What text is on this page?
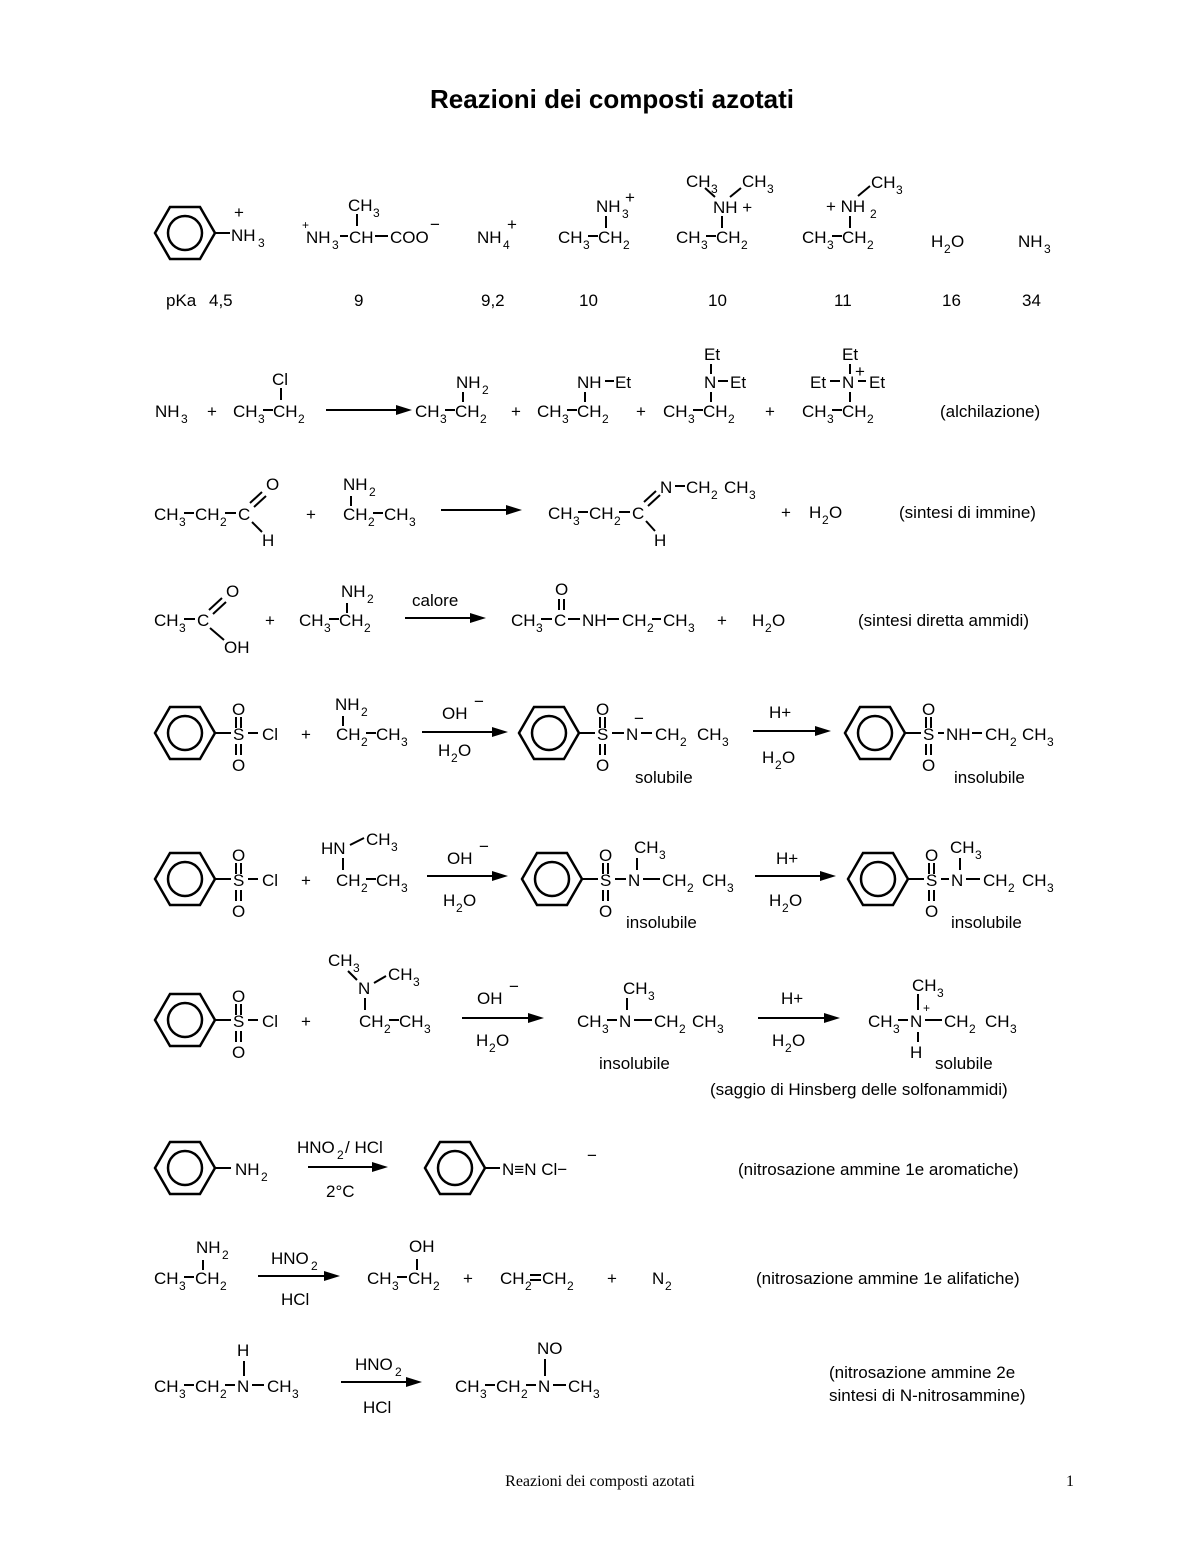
Reazioni dei composti azotati
NH 3
+
+
NH 3 CH COO
−
CH 3
NH 4
+
CH 3 CH 2
NH 3
+
CH 3 CH 2
NH +
CH 3 CH 3
CH 3 CH 2
+ NH 2
CH 3
H 2 O	NH 3
pKa 4,5	9	9,2	10	10	11	16	34
NH 3 + CH 3 CH 2
Cl
CH 3 CH 2
NH 2
+ CH 3 CH 2
NH Et
+ CH 3 CH 2
N Et
Et
+ CH 3 CH 2
Et N
+
Et
Et
(alchilazione)
CH 3 CH 2 C
O
H
+ CH 2 CH 3
NH 2
CH 3 CH 2 C
N CH 2 CH 3
H
+ H 2 O	(sintesi di immine)
CH 3 C
O
OH
+ CH 3 CH 2
NH 2 calore
CH 3 C
O
NH CH 2 CH 3 + H 2 O	(sintesi diretta ammidi)
S
O
O
Cl + CH 2 CH 3
NH 2	OH
−
H 2 O
S
O
O
N
−
CH 2 CH 3
solubile
H+
H 2 O
S
O
O
NH CH 2 CH 3
insolubile
S
O
O
Cl + CH 2 CH 3
HN CH 3
OH
−
H 2 O
S
O
O
N
CH 3
CH 2 CH 3
insolubile
H+
H 2 O
S
O
O
N
CH 3
CH 2 CH 3
insolubile
S
O
O
Cl +	CH 2 CH 3
N
CH 3 CH 3
OH
−
H 2 O
CH 3 N
CH 3
CH 2 CH 3
insolubile
H+
H 2 O
CH 3 N
+
CH 3
H
CH 2 CH 3
solubile
(saggio di Hinsberg delle solfonammidi)
NH 2
HNO 2 / HCl
2°C
N≡N Cl−
−
(nitrosazione ammine 1e aromatiche)
CH 3 CH 2
NH 2 HNO 2
HCl
CH 3 CH 2
OH
+ CH 2 CH 2 + N 2	(nitrosazione ammine 1e alifatiche)
CH 3 CH 2 N CH 3
H
HNO 2
HCl
CH 3 CH 2 N CH 3
NO
(nitrosazione ammine 2e
sintesi di N-nitrosammine)
Reazioni dei composti azotati	1
